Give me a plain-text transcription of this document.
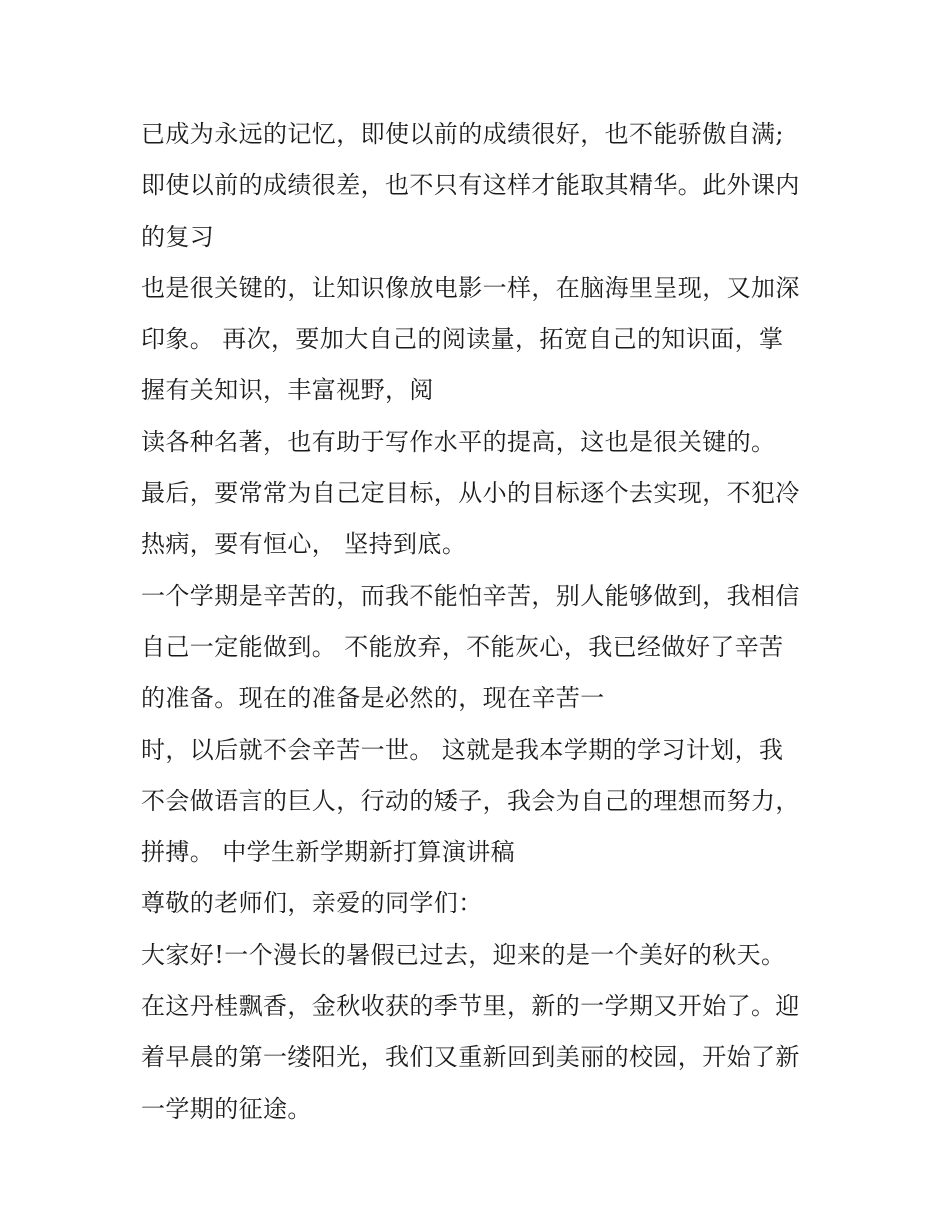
已成为永远的记忆，即使以前的成绩很好，也不能骄傲自满;
即使以前的成绩很差，也不只有这样才能取其精华。此外课内
的复习
也是很关键的，让知识像放电影一样，在脑海里呈现，又加深
印象。 再次，要加大自己的阅读量，拓宽自己的知识面，掌
握有关知识，丰富视野，阅
读各种名著，也有助于写作水平的提高，这也是很关键的。
最后，要常常为自己定目标，从小的目标逐个去实现，不犯冷
热病，要有恒心， 坚持到底。
一个学期是辛苦的，而我不能怕辛苦，别人能够做到，我相信
自己一定能做到。 不能放弃，不能灰心，我已经做好了辛苦
的准备。现在的准备是必然的，现在辛苦一
时，以后就不会辛苦一世。 这就是我本学期的学习计划，我
不会做语言的巨人，行动的矮子，我会为自己的理想而努力，
拼搏。 中学生新学期新打算演讲稿
尊敬的老师们，亲爱的同学们：
大家好!一个漫长的暑假已过去，迎来的是一个美好的秋天。
在这丹桂飘香，金秋收获的季节里，新的一学期又开始了。迎
着早晨的第一缕阳光，我们又重新回到美丽的校园，开始了新
一学期的征途。
